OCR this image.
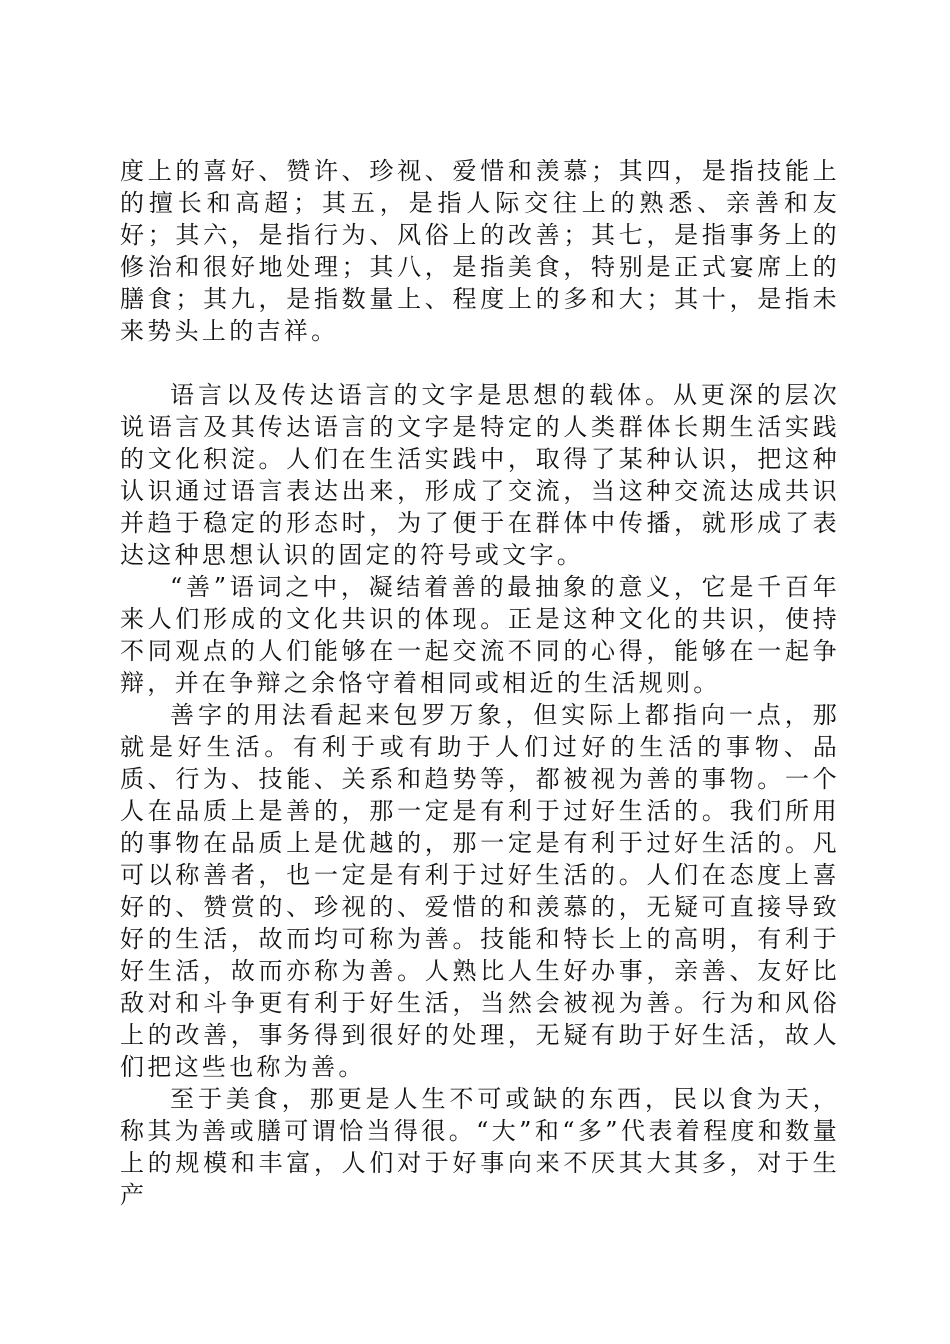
度上的喜好、赞许、珍视、爱惜和羡慕；其四，是指技能上的擅长和高超；其五，是指人际交往上的熟悉、亲善和友好；其六，是指行为、风俗上的改善；其七，是指事务上的修治和很好地处理；其八，是指美食，特别是正式宴席上的膳食；其九，是指数量上、程度上的多和大；其十，是指未来势头上的吉祥。

语言以及传达语言的文字是思想的载体。从更深的层次说语言及其传达语言的文字是特定的人类群体长期生活实践的文化积淀。人们在生活实践中，取得了某种认识，把这种认识通过语言表达出来，形成了交流，当这种交流达成共识并趋于稳定的形态时，为了便于在群体中传播，就形成了表达这种思想认识的固定的符号或文字。

“善”语词之中，凝结着善的最抽象的意义，它是千百年来人们形成的文化共识的体现。正是这种文化的共识，使持不同观点的人们能够在一起交流不同的心得，能够在一起争辩，并在争辩之余恪守着相同或相近的生活规则。

善字的用法看起来包罗万象，但实际上都指向一点，那就是好生活。有利于或有助于人们过好的生活的事物、品质、行为、技能、关系和趋势等，都被视为善的事物。一个人在品质上是善的，那一定是有利于过好生活的。我们所用的事物在品质上是优越的，那一定是有利于过好生活的。凡可以称善者，也一定是有利于过好生活的。人们在态度上喜好的、赞赏的、珍视的、爱惜的和羡慕的，无疑可直接导致好的生活，故而均可称为善。技能和特长上的高明，有利于好生活，故而亦称为善。人熟比人生好办事，亲善、友好比敌对和斗争更有利于好生活，当然会被视为善。行为和风俗上的改善，事务得到很好的处理，无疑有助于好生活，故人们把这些也称为善。

至于美食，那更是人生不可或缺的东西，民以食为天，称其为善或膳可谓恰当得很。“大”和“多”代表着程度和数量上的规模和丰富，人们对于好事向来不厌其大其多，对于生产
